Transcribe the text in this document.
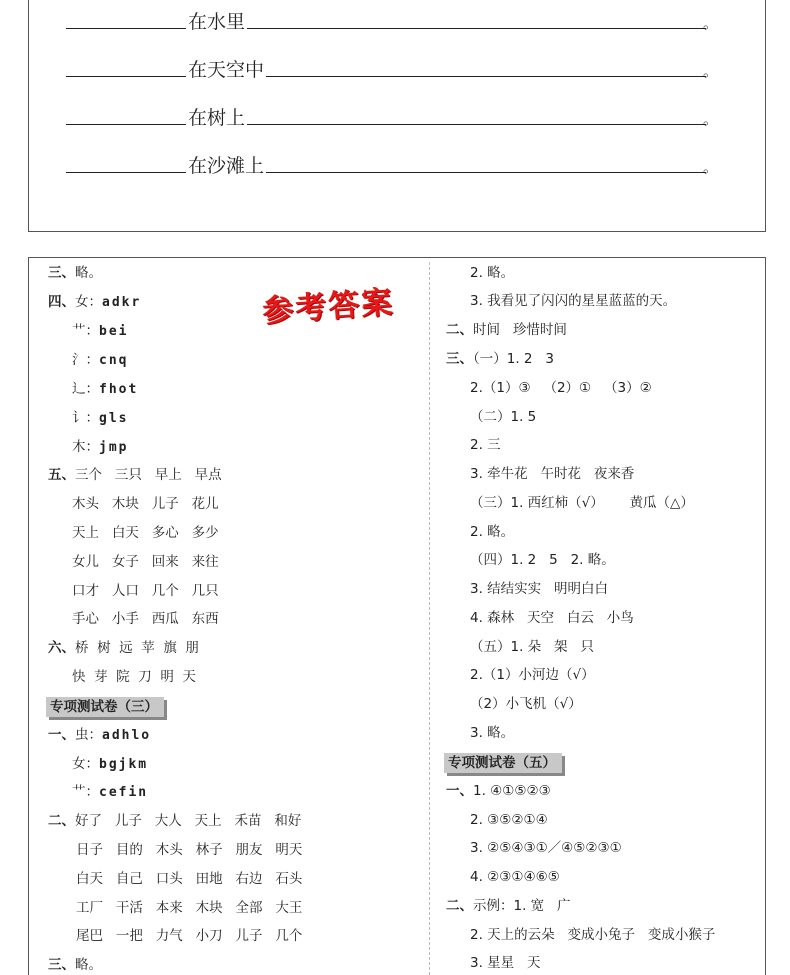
在水里	。
在天空中	。
在树上	。
在沙滩上	。
参考答案
三、略。
四、女：adkr
艹：bei
氵：cnq
辶：fhot
讠：gls
木：jmp
五、三个   三只   早上   早点
木头   木块   儿子   花儿
天上   白天   多心   多少
女儿   女子   回来   来往
口才   人口   几个   几只
手心   小手   西瓜   东西
六、桥  树  远  苹  旗  朋
快  芽  院  刀  明  天
专项测试卷（三）
一、虫：adhlo
女：bgjkm
艹：cefin
二、好了   儿子   大人   天上   禾苗   和好
日子   目的   木头   林子   朋友   明天
白天   自己   口头   田地   右边   石头
工厂   干活   本来   木块   全部   大王
尾巴   一把   力气   小刀   儿子   几个
三、略。
2. 略。
3. 我看见了闪闪的星星蓝蓝的天。
二、时间   珍惜时间
三、（一）1. 2   3
2.（1）③   （2）①   （3）②
（二）1. 5
2. 三
3. 牵牛花   午时花   夜来香
（三）1. 西红柿（√）      黄瓜（△）
2. 略。
（四）1. 2   5   2. 略。
3. 结结实实   明明白白
4. 森林   天空   白云   小鸟
（五）1. 朵   架   只
2.（1）小河边（√）
（2）小飞机（√）
3. 略。
专项测试卷（五）
一、1. ④①⑤②③
2. ③⑤②①④
3. ②⑤④③①／④⑤②③①
4. ②③①④⑥⑤
二、示例：1. 宽   广
2. 天上的云朵   变成小兔子   变成小猴子
3. 星星   天
